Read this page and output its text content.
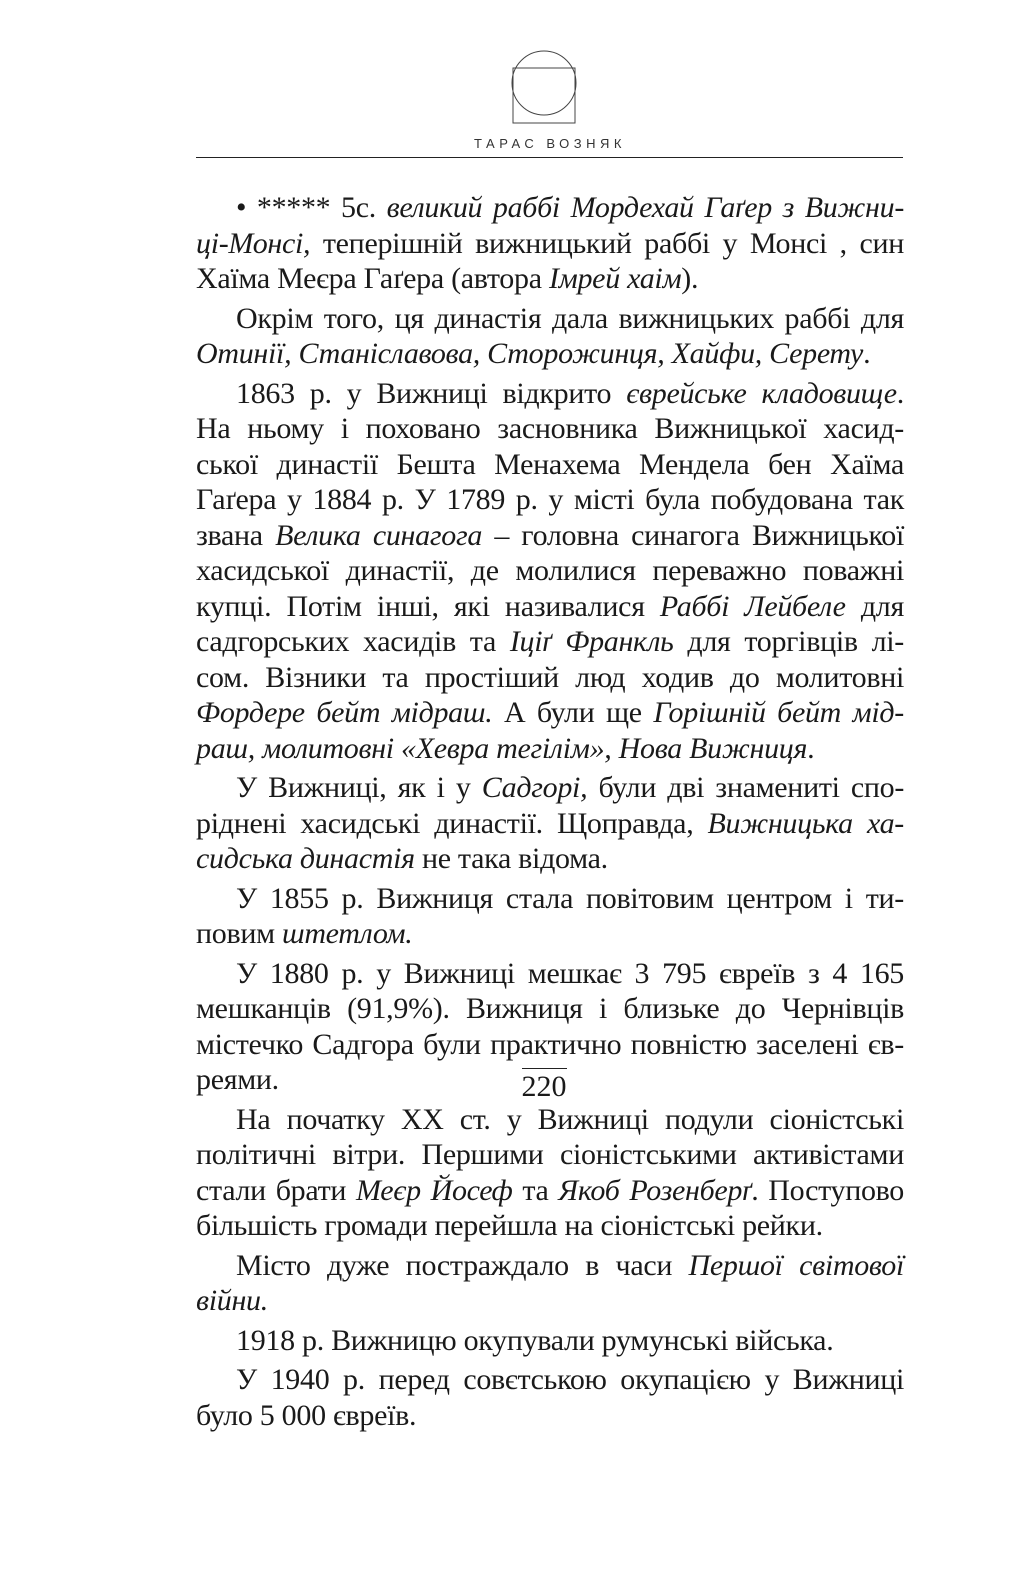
ТАРАС ВОЗНЯК
• ***** 5с. великий раббі Мордехай Гаґер з Вижни-
ці-Монсі, теперішній вижницький раббі у Монсі , син
Хаїма Меєра Гаґера (автора Імрей хаім).
Окрім того, ця династія дала вижницьких раббі для
Отинії, Станіславова, Сторожинця, Хайфи, Серету.
1863 р. у Вижниці відкрито єврейське кладовище.
На ньому і поховано засновника Вижницької хасид-
ської династії Бешта Менахема Мендела бен Хаїма
Гаґера у 1884 р. У 1789 р. у місті була побудована так
звана Велика синагога – головна синагога Вижницької
хасидської династії, де молилися переважно поважні
купці. Потім інші, які називалися Раббі Лейбеле для
садгорських хасидів та Іціґ Франкль для торгівців лі-
сом. Візники та простіший люд ходив до молитовні
Фордере бейт мідраш. А були ще Горішній бейт мід-
раш, молитовні «Хевра тегілім», Нова Вижниця.
У Вижниці, як і у Садгорі, були дві знамениті спо-
ріднені хасидські династії. Щоправда, Вижницька ха-
сидська династія не така відома.
У 1855 р. Вижниця стала повітовим центром і ти-
повим штетлом.
У 1880 р. у Вижниці мешкає 3 795 євреїв з 4 165
мешканців (91,9%). Вижниця і близьке до Чернівців
містечко Садгора були практично повністю заселені єв-
реями.
На початку ХХ ст. у Вижниці подули сіоністські
політичні вітри. Першими сіоністськими активістами
стали брати Меєр Йосеф та Якоб Розенберґ. Поступово
більшість громади перейшла на сіоністські рейки.
Місто дуже постраждало в часи Першої світової
війни.
1918 р. Вижницю окупували румунські війська.
У 1940 р. перед совєтською окупацією у Вижниці
було 5 000 євреїв.
220
